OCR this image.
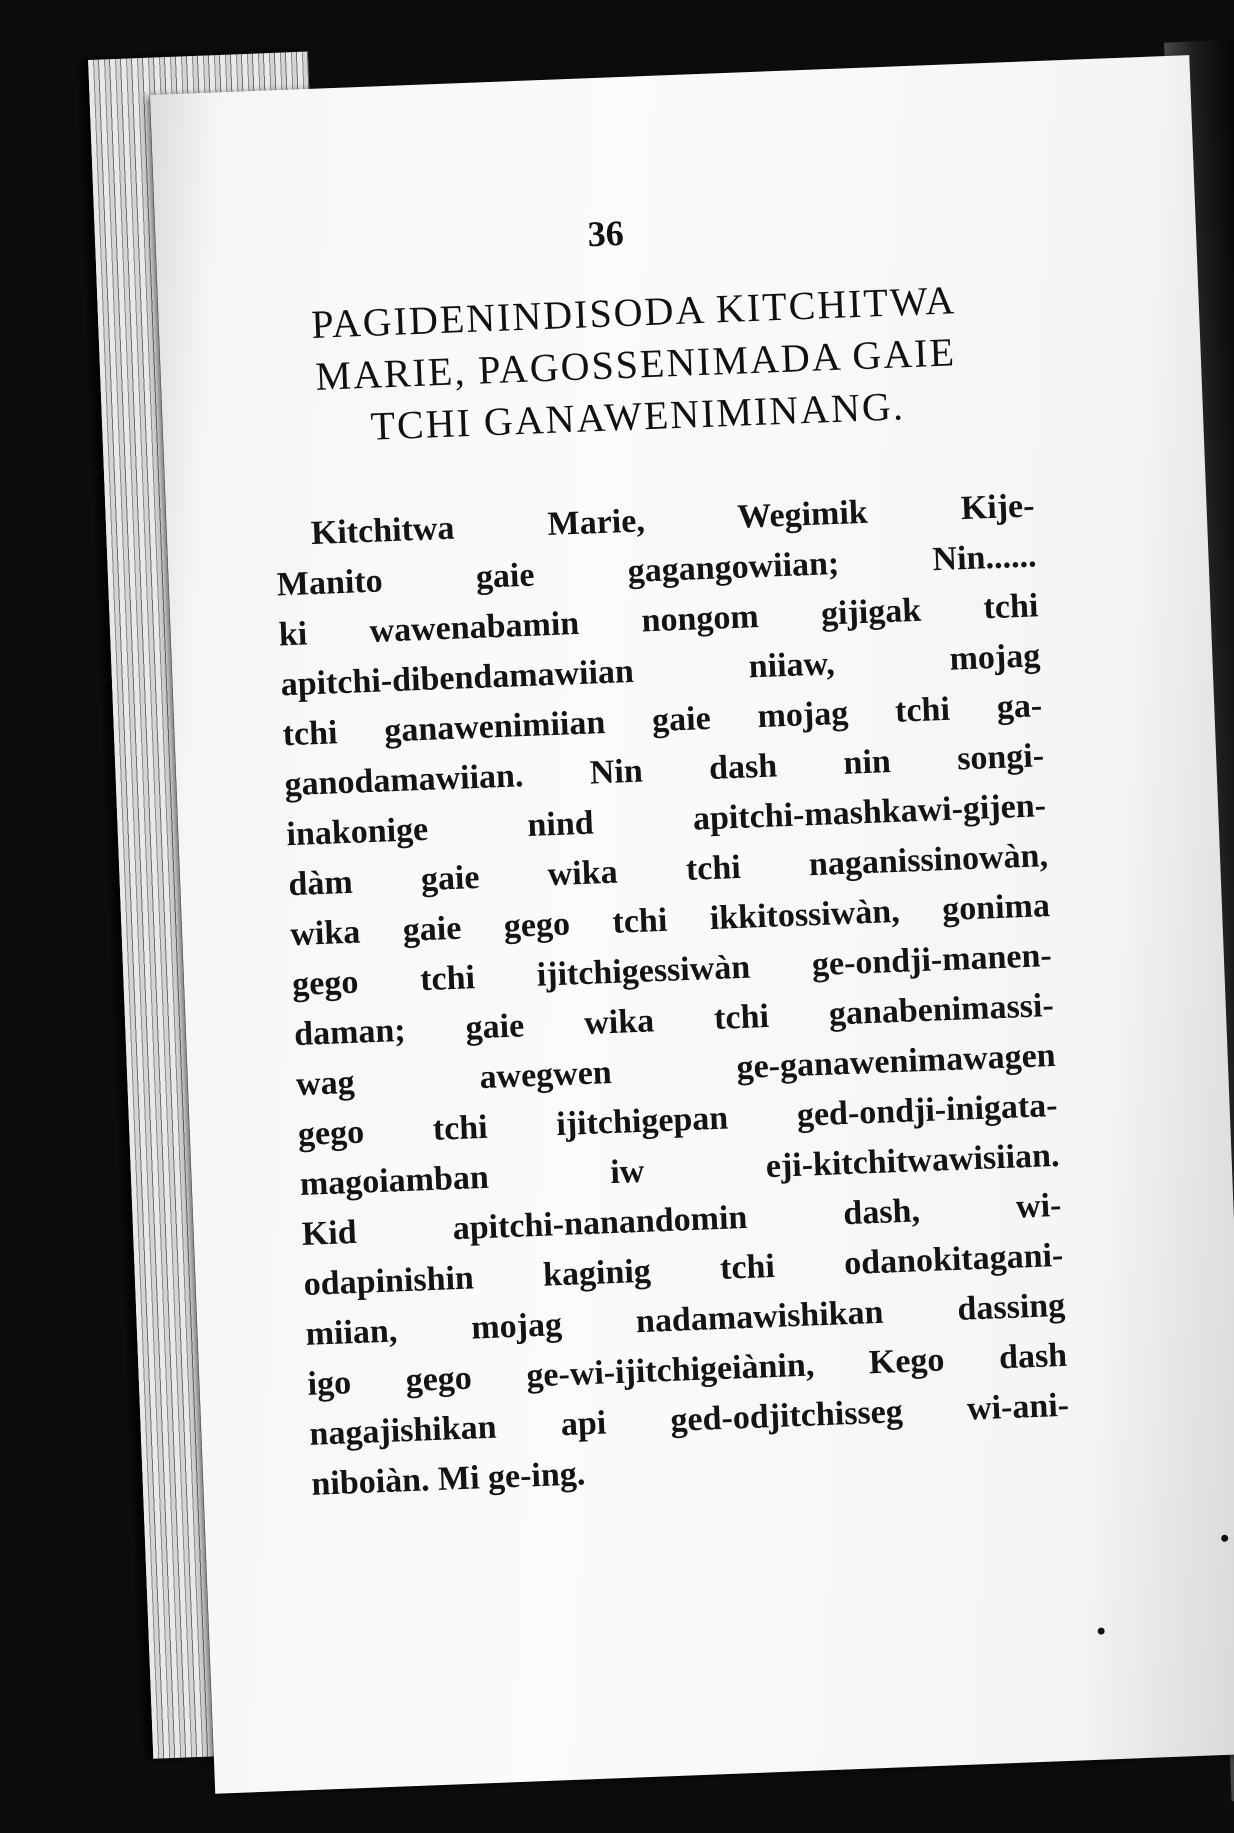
36
PAGIDENINDISODA KITCHITWA
MARIE, PAGOSSENIMADA GAIE
TCHI GANAWENIMINANG.
Kitchitwa Marie, Wegimik Kije-
Manito gaie gagangowiian; Nin......
ki wawenabamin nongom gijigak tchi
apitchi-dibendamawiian niiaw, mojag
tchi ganawenimiian gaie mojag tchi ga-
ganodamawiian. Nin dash nin songi-
inakonige nind apitchi-mashkawi-gijen-
dàm gaie wika tchi naganissinowàn,
wika gaie gego tchi ikkitossiwàn, gonima
gego tchi ijitchigessiwàn ge-ondji-manen-
daman; gaie wika tchi ganabenimassi-
wag awegwen ge-ganawenimawagen
gego tchi ijitchigepan ged-ondji-inigata-
magoiamban iw eji-kitchitwawisiian.
Kid apitchi-nanandomin dash, wi-
odapinishin kaginig tchi odanokitagani-
miian, mojag nadamawishikan dassing
igo gego ge-wi-ijitchigeiànin, Kego dash
nagajishikan api ged-odjitchisseg wi-ani-
niboiàn. Mi ge-ing.
